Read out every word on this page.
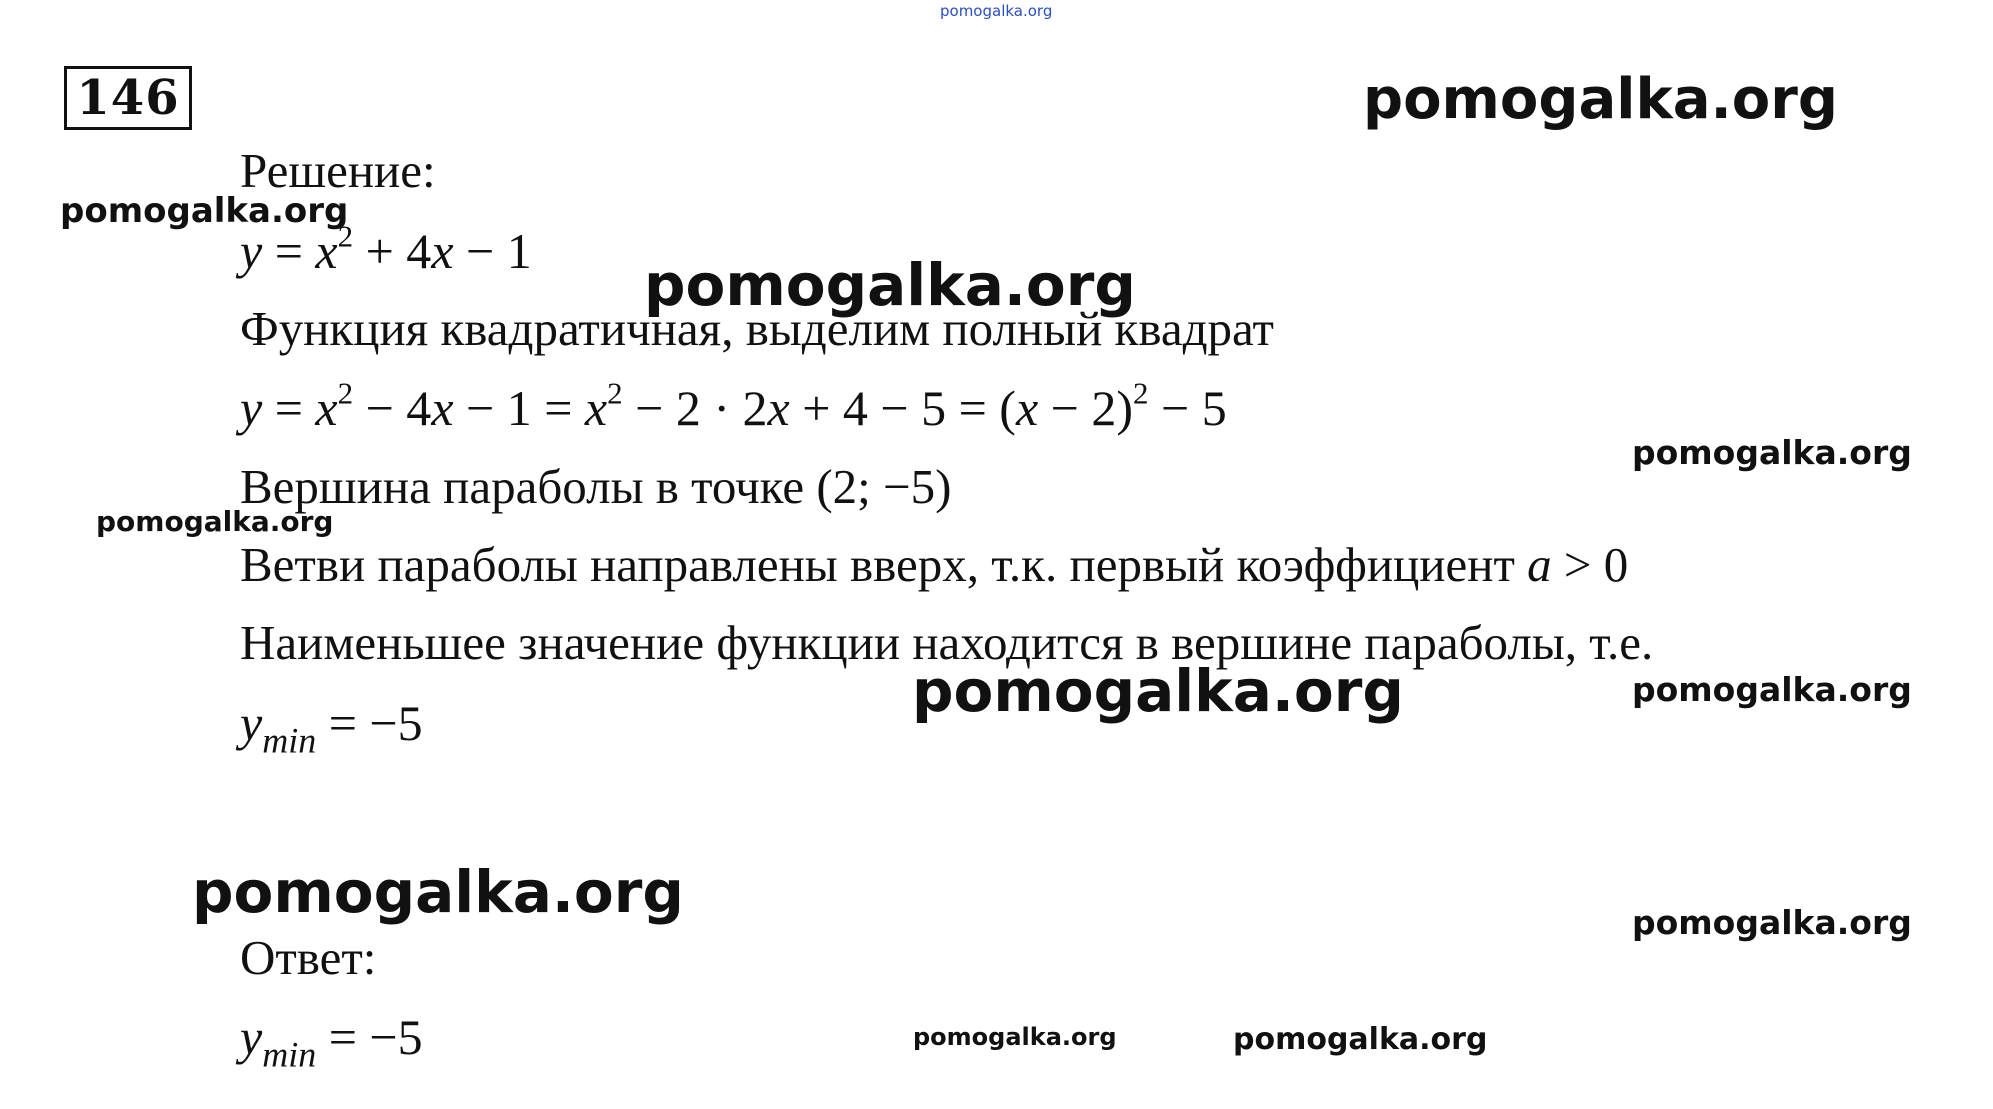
pomogalka.org
146
Решение:
$y = x^2 + 4x - 1$
Функция квадратичная, выделим полный квадрат
$y = x^2 - 4x - 1 = x^2 - 2 \cdot 2x + 4 - 5 = (x - 2)^2 - 5$
Вершина параболы в точке (2; −5)
Ветви параболы направлены вверх, т.к. первый коэффициент a > 0
Наименьшее значение функции находится в вершине параболы, т.е.
$y_{min} = -5$
Ответ:
$y_{min} = -5$
pomogalka.org
pomogalka.org
pomogalka.org
pomogalka.org
pomogalka.org
pomogalka.org	pomogalka.org
pomogalka.org	pomogalka.org
pomogalka.org	pomogalka.org
